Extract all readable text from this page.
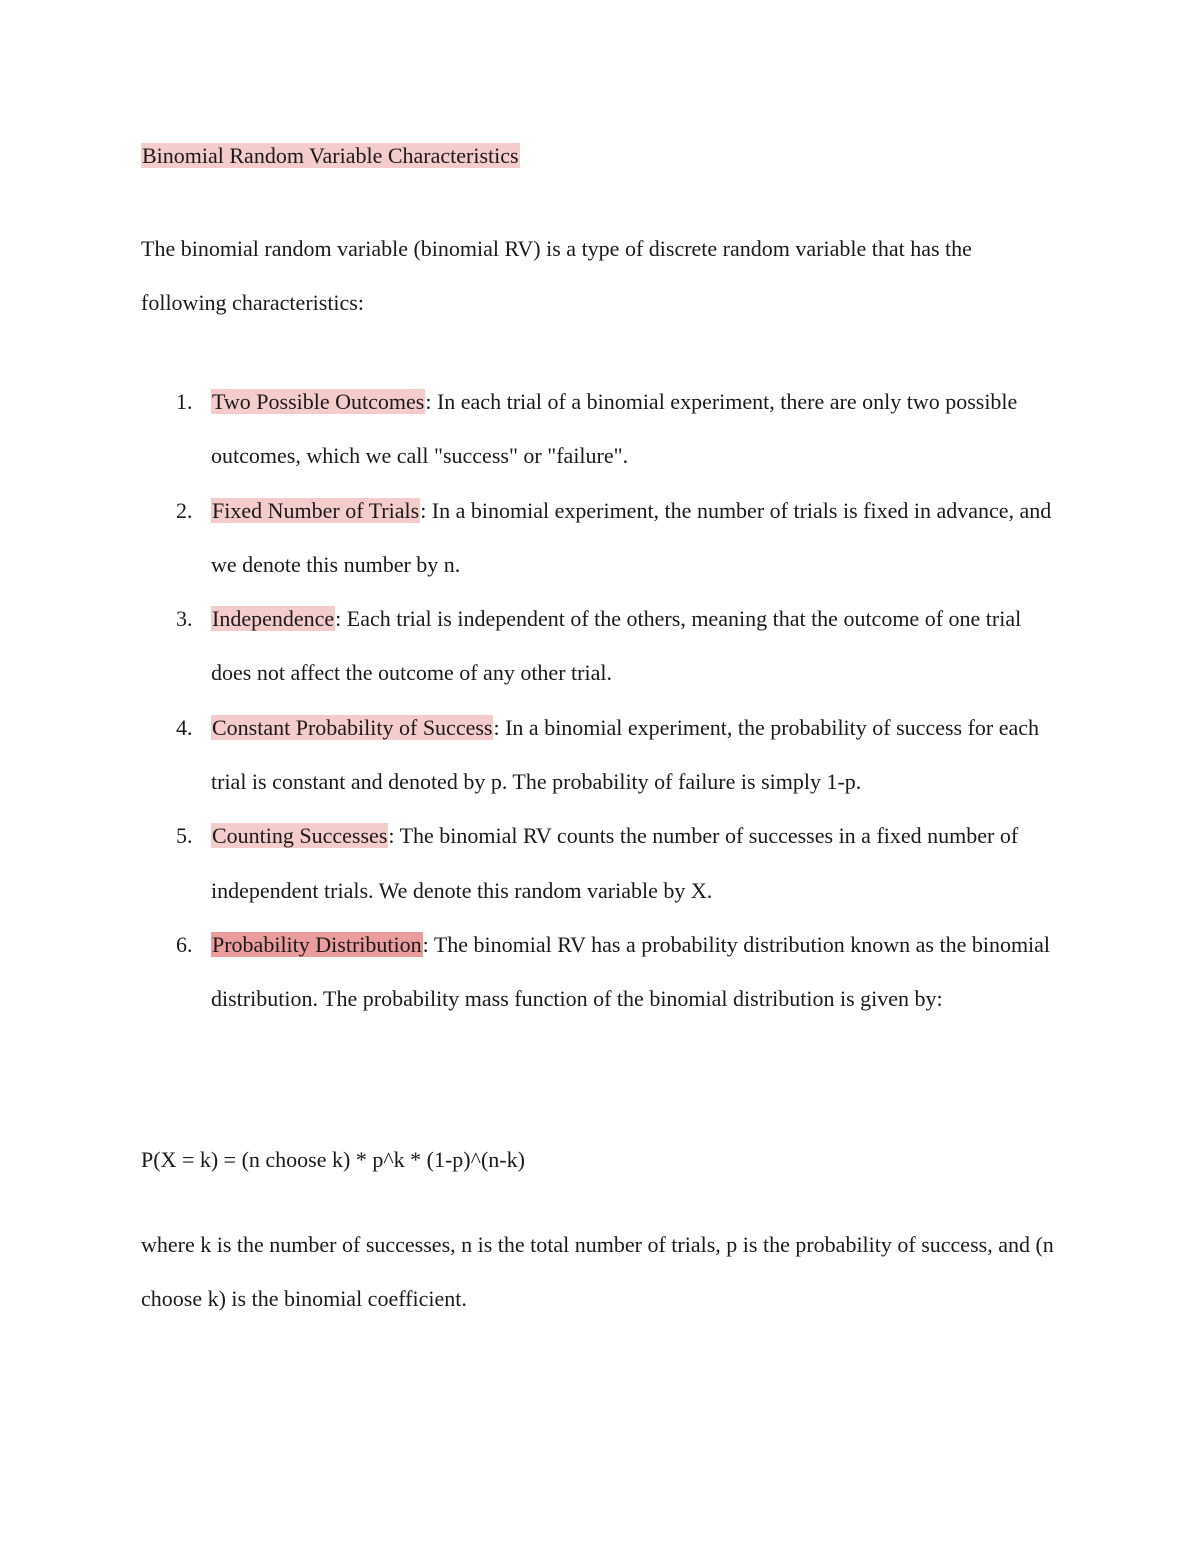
Binomial Random Variable Characteristics

The binomial random variable (binomial RV) is a type of discrete random variable that has the following characteristics:

1. Two Possible Outcomes: In each trial of a binomial experiment, there are only two possible outcomes, which we call "success" or "failure".
2. Fixed Number of Trials: In a binomial experiment, the number of trials is fixed in advance, and we denote this number by n.
3. Independence: Each trial is independent of the others, meaning that the outcome of one trial does not affect the outcome of any other trial.
4. Constant Probability of Success: In a binomial experiment, the probability of success for each trial is constant and denoted by p. The probability of failure is simply 1-p.
5. Counting Successes: The binomial RV counts the number of successes in a fixed number of independent trials. We denote this random variable by X.
6. Probability Distribution: The binomial RV has a probability distribution known as the binomial distribution. The probability mass function of the binomial distribution is given by:

P(X = k) = (n choose k) * p^k * (1-p)^(n-k)

where k is the number of successes, n is the total number of trials, p is the probability of success, and (n choose k) is the binomial coefficient.
